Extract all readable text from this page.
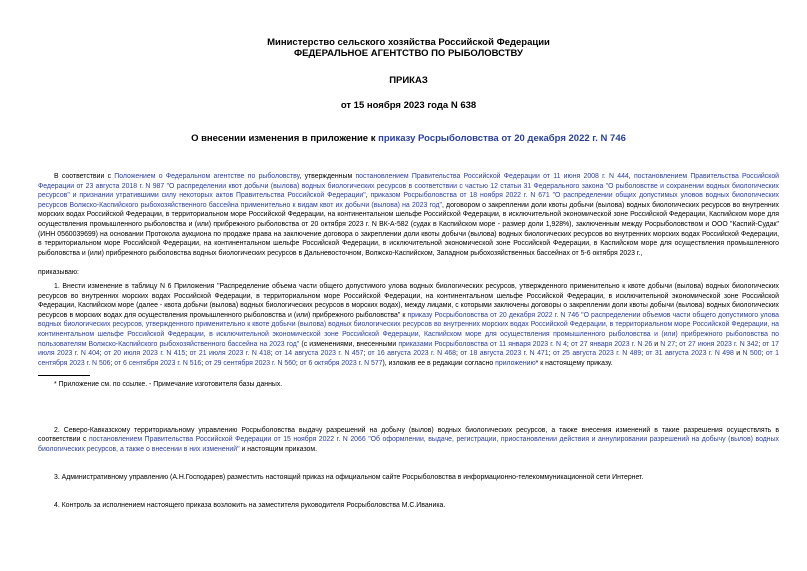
Министерство сельского хозяйства Российской Федерации
ФЕДЕРАЛЬНОЕ АГЕНТСТВО ПО РЫБОЛОВСТВУ
ПРИКАЗ
от 15 ноября 2023 года N 638
О внесении изменения в приложение к приказу Росрыболовства от 20 декабря 2022 г. N 746

В соответствии с Положением о Федеральном агентстве по рыболовству, утвержденным постановлением Правительства Российской Федерации от 11 июня 2008 г. N 444, постановлением Правительства Российской Федерации от 23 августа 2018 г. N 987 "О распределении квот добычи (вылова) водных биологических ресурсов в соответствии с частью 12 статьи 31 Федерального закона "О рыболовстве и сохранении водных биологических ресурсов" и признании утратившими силу некоторых актов Правительства Российской Федерации", приказом Росрыболовства от 18 ноября 2022 г. N 671 "О распределении общих допустимых уловов водных биологических ресурсов Волжско-Каспийского рыбохозяйственного бассейна применительно к видам квот их добычи (вылова) на 2023 год", договором о закреплении доли квоты добычи (вылова) водных биологических ресурсов во внутренних морских водах Российской Федерации, в территориальном море Российской Федерации, на континентальном шельфе Российской Федерации, в исключительной экономической зоне Российской Федерации, Каспийском море для осуществления промышленного рыболовства и (или) прибрежного рыболовства от 20 октября 2023 г. N ВК-А-582 (судак в Каспийском море - размер доли 1,928%), заключенным между Росрыболовством и ООО "Каспий-Судак" (ИНН 0560039699) на основании Протокола аукциона по продаже права на заключение договора о закреплении доли квоты добычи (вылова) водных биологических ресурсов во внутренних морских водах Российской Федерации, в территориальном море Российской Федерации, на континентальном шельфе Российской Федерации, в исключительной экономической зоне Российской Федерации, в Каспийском море для осуществления промышленного рыболовства и (или) прибрежного рыболовства водных биологических ресурсов в Дальневосточном, Волжско-Каспийском, Западном рыбохозяйственных бассейнах от 5-6 октября 2023 г.,

приказываю:

1. Внести изменение в таблицу N 6 Приложения "Распределение объема части общего допустимого улова водных биологических ресурсов, утвержденного применительно к квоте добычи (вылова) водных биологических ресурсов во внутренних морских водах Российской Федерации, в территориальном море Российской Федерации, на континентальном шельфе Российской Федерации, в исключительной экономической зоне Российской Федерации, Каспийском море (далее - квота добычи (вылова) водных биологических ресурсов в морских водах), между лицами, с которыми заключены договоры о закреплении доли квоты добычи (вылова) водных биологических ресурсов в морских водах для осуществления промышленного рыболовства и (или) прибрежного рыболовства" к приказу Росрыболовства от 20 декабря 2022 г. N 746 "О распределении объемов части общего допустимого улова водных биологических ресурсов, утвержденного применительно к квоте добычи (вылова) водных биологических ресурсов во внутренних морских водах Российской Федерации, в территориальном море Российской Федерации, на континентальном шельфе Российской Федерации, в исключительной экономической зоне Российской Федерации, Каспийском море для осуществления промышленного рыболовства и (или) прибрежного рыболовства по пользователям Волжско-Каспийского рыбохозяйственного бассейна на 2023 год" (с изменениями, внесенными приказами Росрыболовства от 11 января 2023 г. N 4; от 27 января 2023 г. N 26 и N 27; от 27 июня 2023 г. N 342; от 17 июля 2023 г. N 404; от 20 июля 2023 г. N 415; от 21 июля 2023 г. N 418; от 14 августа 2023 г. N 457; от 16 августа 2023 г. N 468; от 18 августа 2023 г. N 471; от 25 августа 2023 г. N 489; от 31 августа 2023 г. N 498 и N 500; от 1 сентября 2023 г. N 506; от 6 сентября 2023 г. N 516; от 29 сентября 2023 г. N 560; от 6 октября 2023 г. N 577), изложив ее в редакции согласно приложению* к настоящему приказу.

* Приложение см. по ссылке. - Примечание изготовителя базы данных.

2. Северо-Кавказскому территориальному управлению Росрыболовства выдачу разрешений на добычу (вылов) водных биологических ресурсов, а также внесения изменений в такие разрешения осуществлять в соответствии с постановлением Правительства Российской Федерации от 15 ноября 2022 г. N 2066 "Об оформлении, выдаче, регистрации, приостановлении действия и аннулировании разрешений на добычу (вылов) водных биологических ресурсов, а также о внесении в них изменений" и настоящим приказом.

3. Административному управлению (А.Н.Господарев) разместить настоящий приказ на официальном сайте Росрыболовства в информационно-телекоммуникационной сети Интернет.

4. Контроль за исполнением настоящего приказа возложить на заместителя руководителя Росрыболовства М.С.Иваника.
